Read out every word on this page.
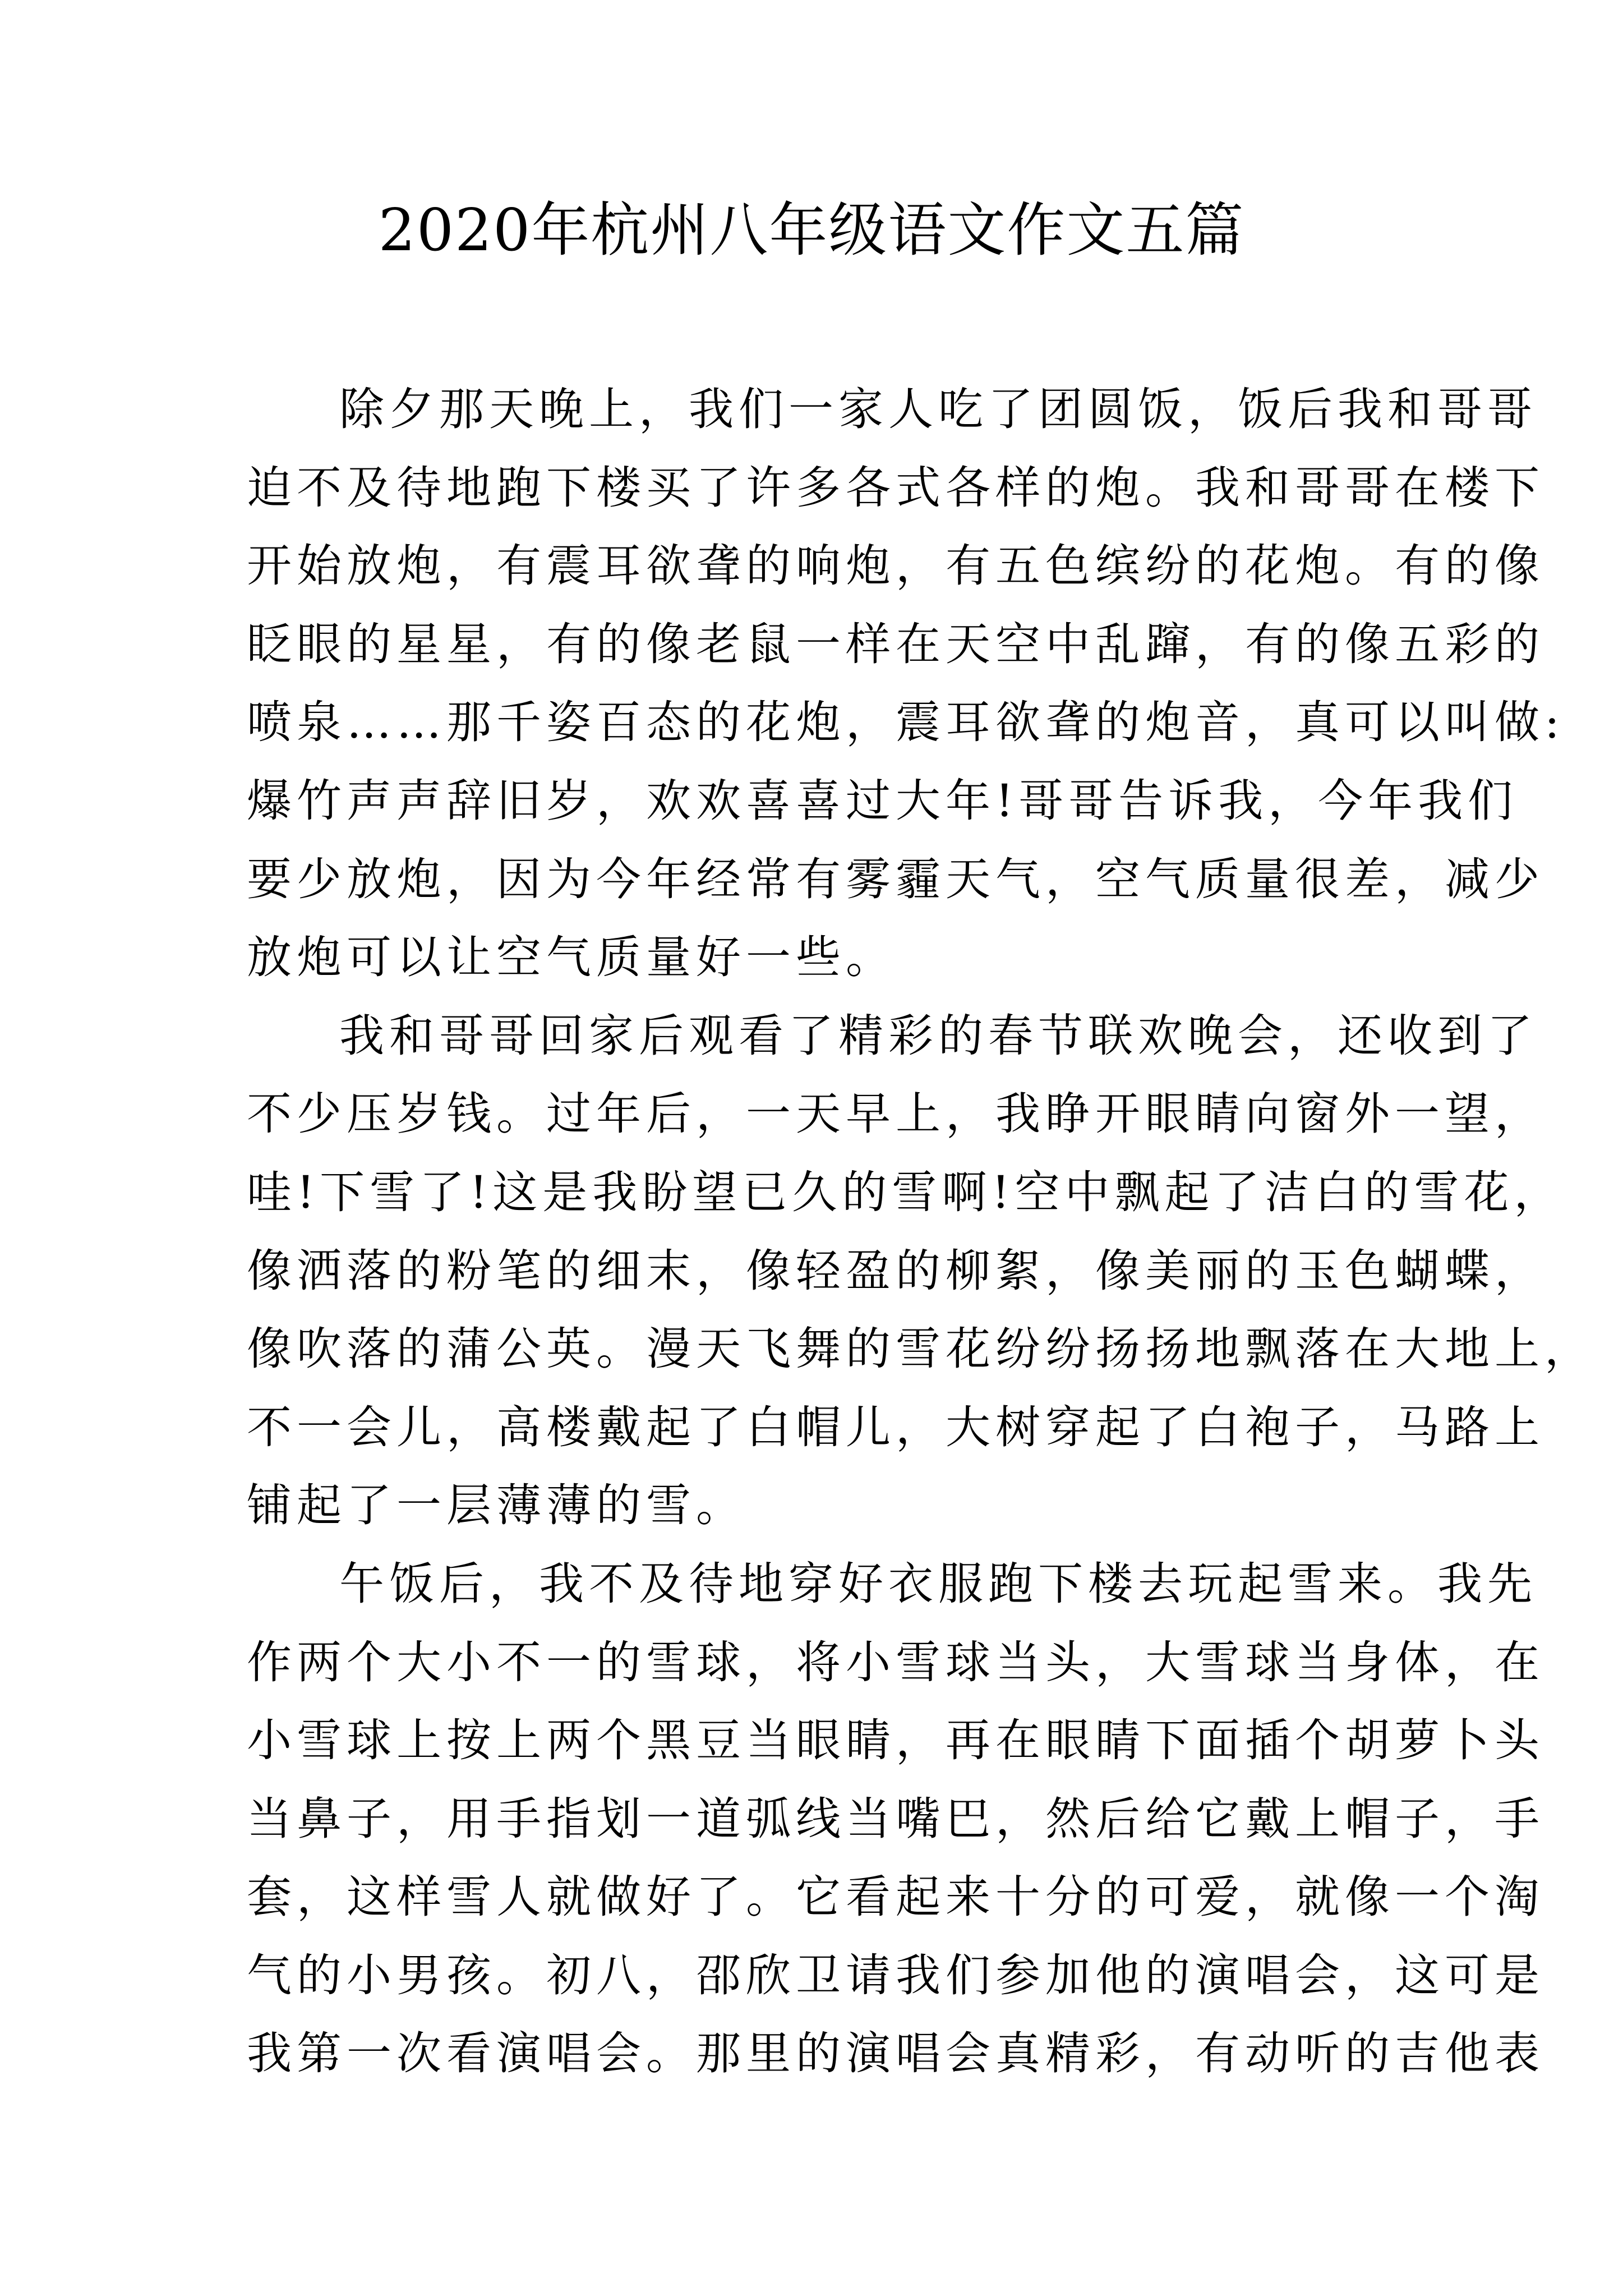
2020年杭州八年级语文作文五篇
除夕那天晚上，我们一家人吃了团圆饭，饭后我和哥哥
迫不及待地跑下楼买了许多各式各样的炮。我和哥哥在楼下
开始放炮，有震耳欲聋的响炮，有五色缤纷的花炮。有的像
眨眼的星星，有的像老鼠一样在天空中乱蹿，有的像五彩的
喷泉……那千姿百态的花炮，震耳欲聋的炮音，真可以叫做:
爆竹声声辞旧岁，欢欢喜喜过大年!哥哥告诉我，今年我们
要少放炮，因为今年经常有雾霾天气，空气质量很差，减少
放炮可以让空气质量好一些。
我和哥哥回家后观看了精彩的春节联欢晚会，还收到了
不少压岁钱。过年后，一天早上，我睁开眼睛向窗外一望，
哇!下雪了!这是我盼望已久的雪啊!空中飘起了洁白的雪花，
像洒落的粉笔的细末，像轻盈的柳絮，像美丽的玉色蝴蝶，
像吹落的蒲公英。漫天飞舞的雪花纷纷扬扬地飘落在大地上，
不一会儿，高楼戴起了白帽儿，大树穿起了白袍子，马路上
铺起了一层薄薄的雪。
午饭后，我不及待地穿好衣服跑下楼去玩起雪来。我先
作两个大小不一的雪球，将小雪球当头，大雪球当身体，在
小雪球上按上两个黑豆当眼睛，再在眼睛下面插个胡萝卜头
当鼻子，用手指划一道弧线当嘴巴，然后给它戴上帽子，手
套，这样雪人就做好了。它看起来十分的可爱，就像一个淘
气的小男孩。初八，邵欣卫请我们参加他的演唱会，这可是
我第一次看演唱会。那里的演唱会真精彩，有动听的吉他表
